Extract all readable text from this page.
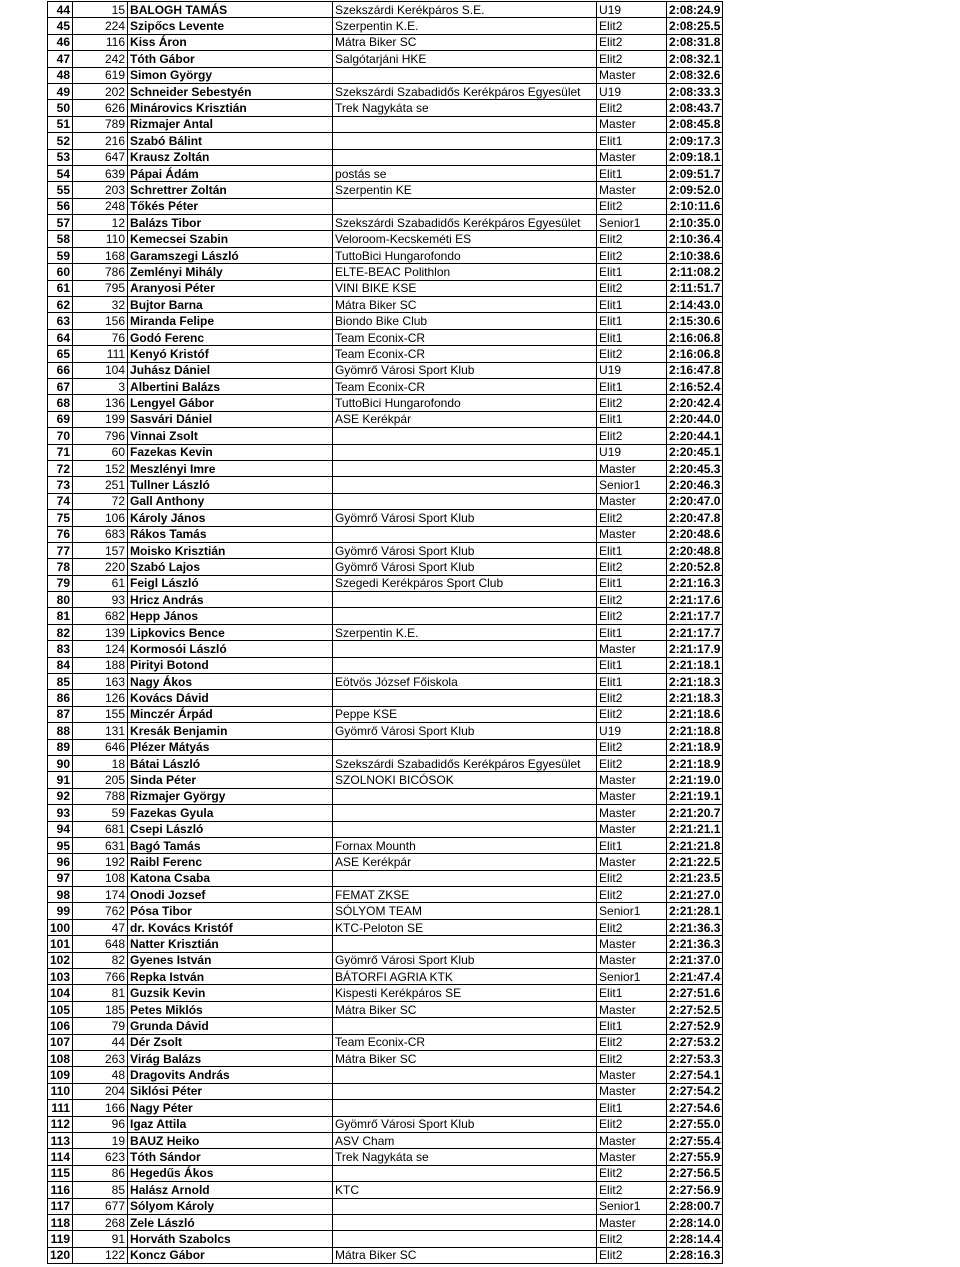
44	15	BALOGH TAMÁS	Szekszárdi Kerékpáros S.E.	U19	2:08:24.9
45	224	Szipőcs Levente	Szerpentin K.E.	Elit2	2:08:25.5
46	116	Kiss Áron	Mátra Biker SC	Elit2	2:08:31.8
47	242	Tóth Gábor	Salgótarjáni HKE	Elit2	2:08:32.1
48	619	Simon György		Master	2:08:32.6
49	202	Schneider Sebestyén	Szekszárdi Szabadidős Kerékpáros Egyesület	U19	2:08:33.3
50	626	Minárovics Krisztián	Trek Nagykáta se	Elit2	2:08:43.7
51	789	Rizmajer Antal		Master	2:08:45.8
52	216	Szabó Bálint		Elit1	2:09:17.3
53	647	Krausz Zoltán		Master	2:09:18.1
54	639	Pápai Ádám	postás se	Elit1	2:09:51.7
55	203	Schrettrer Zoltán	Szerpentin KE	Master	2:09:52.0
56	248	Tőkés Péter		Elit2	2:10:11.6
57	12	Balázs Tibor	Szekszárdi Szabadidős Kerékpáros Egyesület	Senior1	2:10:35.0
58	110	Kemecsei Szabin	Veloroom-Kecskeméti ES	Elit2	2:10:36.4
59	168	Garamszegi László	TuttoBici Hungarofondo	Elit2	2:10:38.6
60	786	Zemlényi Mihály	ELTE-BEAC Polithlon	Elit1	2:11:08.2
61	795	Aranyosi Péter	VINI BIKE KSE	Elit2	2:11:51.7
62	32	Bujtor Barna	Mátra Biker SC	Elit1	2:14:43.0
63	156	Miranda Felipe	Biondo Bike Club	Elit1	2:15:30.6
64	76	Godó Ferenc	Team Econix-CR	Elit1	2:16:06.8
65	111	Kenyó Kristóf	Team Econix-CR	Elit2	2:16:06.8
66	104	Juhász Dániel	Gyömrő Városi Sport Klub	U19	2:16:47.8
67	3	Albertini Balázs	Team Econix-CR	Elit1	2:16:52.4
68	136	Lengyel Gábor	TuttoBici Hungarofondo	Elit2	2:20:42.4
69	199	Sasvári Dániel	ASE Kerékpár	Elit1	2:20:44.0
70	796	Vinnai Zsolt		Elit2	2:20:44.1
71	60	Fazekas Kevin		U19	2:20:45.1
72	152	Meszlényi Imre		Master	2:20:45.3
73	251	Tullner László		Senior1	2:20:46.3
74	72	Gall Anthony		Master	2:20:47.0
75	106	Károly János	Gyömrő Városi Sport Klub	Elit2	2:20:47.8
76	683	Rákos Tamás		Master	2:20:48.6
77	157	Moisko Krisztián	Gyömrő Városi Sport Klub	Elit1	2:20:48.8
78	220	Szabó Lajos	Gyömrő Városi Sport Klub	Elit2	2:20:52.8
79	61	Feigl László	Szegedi Kerékpáros Sport Club	Elit1	2:21:16.3
80	93	Hricz András		Elit2	2:21:17.6
81	682	Hepp János		Elit2	2:21:17.7
82	139	Lipkovics Bence	Szerpentin K.E.	Elit1	2:21:17.7
83	124	Kormosói László		Master	2:21:17.9
84	188	Pirityi Botond		Elit1	2:21:18.1
85	163	Nagy Ákos	Eötvös József Főiskola	Elit1	2:21:18.3
86	126	Kovács Dávid		Elit2	2:21:18.3
87	155	Minczér Árpád	Peppe KSE	Elit2	2:21:18.6
88	131	Kresák Benjamin	Gyömrő Városi Sport Klub	U19	2:21:18.8
89	646	Plézer Mátyás		Elit2	2:21:18.9
90	18	Bátai László	Szekszárdi Szabadidős Kerékpáros Egyesület	Elit2	2:21:18.9
91	205	Sinda Péter	SZOLNOKI BICÓSOK	Master	2:21:19.0
92	788	Rizmajer György		Master	2:21:19.1
93	59	Fazekas Gyula		Master	2:21:20.7
94	681	Csepi László		Master	2:21:21.1
95	631	Bagó Tamás	Fornax Mounth	Elit1	2:21:21.8
96	192	Raibl Ferenc	ASE Kerékpár	Master	2:21:22.5
97	108	Katona Csaba		Elit2	2:21:23.5
98	174	Onodi Jozsef	FEMAT ZKSE	Elit2	2:21:27.0
99	762	Pósa Tibor	SÓLYOM TEAM	Senior1	2:21:28.1
100	47	dr. Kovács Kristóf	KTC-Peloton SE	Elit2	2:21:36.3
101	648	Natter Krisztián		Master	2:21:36.3
102	82	Gyenes István	Gyömrő Városi Sport Klub	Master	2:21:37.0
103	766	Repka István	BÁTORFI AGRIA KTK	Senior1	2:21:47.4
104	81	Guzsik Kevin	Kispesti Kerékpáros SE	Elit1	2:27:51.6
105	185	Petes Miklós	Mátra Biker SC	Master	2:27:52.5
106	79	Grunda Dávid		Elit1	2:27:52.9
107	44	Dér Zsolt	Team Econix-CR	Elit2	2:27:53.2
108	263	Virág Balázs	Mátra Biker SC	Elit2	2:27:53.3
109	48	Dragovits András		Master	2:27:54.1
110	204	Siklósi Péter		Master	2:27:54.2
111	166	Nagy Péter		Elit1	2:27:54.6
112	96	Igaz Attila	Gyömrő Városi Sport Klub	Elit2	2:27:55.0
113	19	BAUZ Heiko	ASV Cham	Master	2:27:55.4
114	623	Tóth Sándor	Trek Nagykáta se	Master	2:27:55.9
115	86	Hegedűs Ákos		Elit2	2:27:56.5
116	85	Halász Arnold	KTC	Elit2	2:27:56.9
117	677	Sólyom Károly		Senior1	2:28:00.7
118	268	Zele László		Master	2:28:14.0
119	91	Horváth Szabolcs		Elit2	2:28:14.4
120	122	Koncz Gábor	Mátra Biker SC	Elit2	2:28:16.3
